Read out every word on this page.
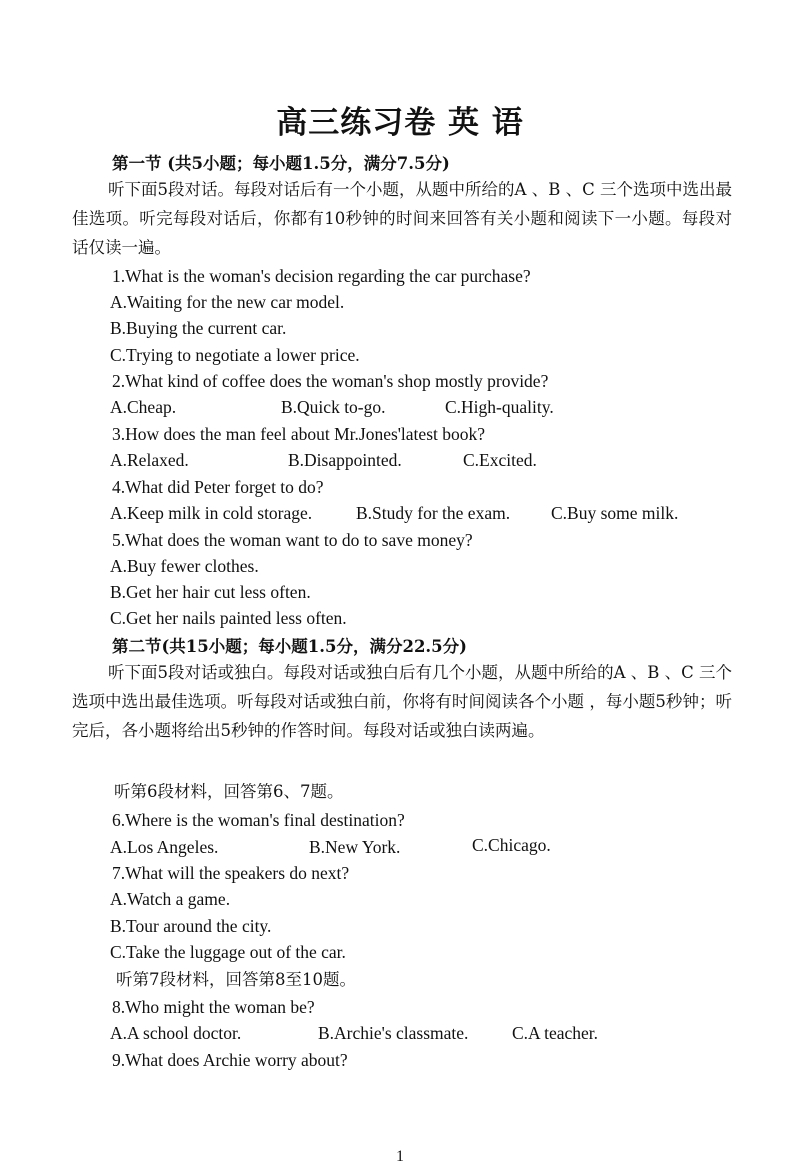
高三练习卷 英 语
第一节 (共5小题；每小题1.5分，满分7.5分)
听下面5段对话。每段对话后有一个小题，从题中所给的A 、B 、C 三个选项中选出最 佳选项。听完每段对话后，你都有10秒钟的时间来回答有关小题和阅读下一小题。每段对 话仅读一遍。
1.What is the woman's decision regarding the car purchase?
A.Waiting for the new car model.
B.Buying the current car.
C.Trying to negotiate a lower price.
2.What kind of coffee does the woman's shop mostly provide?
A.Cheap.	B.Quick to-go.	C.High-quality.
3.How does the man feel about Mr.Jones'latest book?
A.Relaxed.	B.Disappointed.	C.Excited.
4.What did Peter forget to do?
A.Keep milk in cold storage.	B.Study for the exam. C.Buy some milk.
5.What does the woman want to do to save money?
A.Buy fewer clothes.
B.Get her hair cut less often.
C.Get her nails painted less often.
第二节(共15小题；每小题1.5分，满分22.5分)
听下面5段对话或独白。每段对话或独白后有几个小题，从题中所给的A 、B 、C 三个 选项中选出最佳选项。听每段对话或独白前，你将有时间阅读各个小题 ，每小题5秒钟；听 完后，各小题将给出5秒钟的作答时间。每段对话或独白读两遍。
听第6段材料，回答第6、7题。
6.Where is the woman's final destination?
A.Los Angeles.	B.New York.	C.Chicago.
7.What will the speakers do next?
A.Watch a game.
B.Tour around the city.
C.Take the luggage out of the car.
听第7段材料，回答第8至10题。
8.Who might the woman be?
A.A school doctor.	B.Archie's classmate. C.A teacher.
9.What does Archie worry about?
1
